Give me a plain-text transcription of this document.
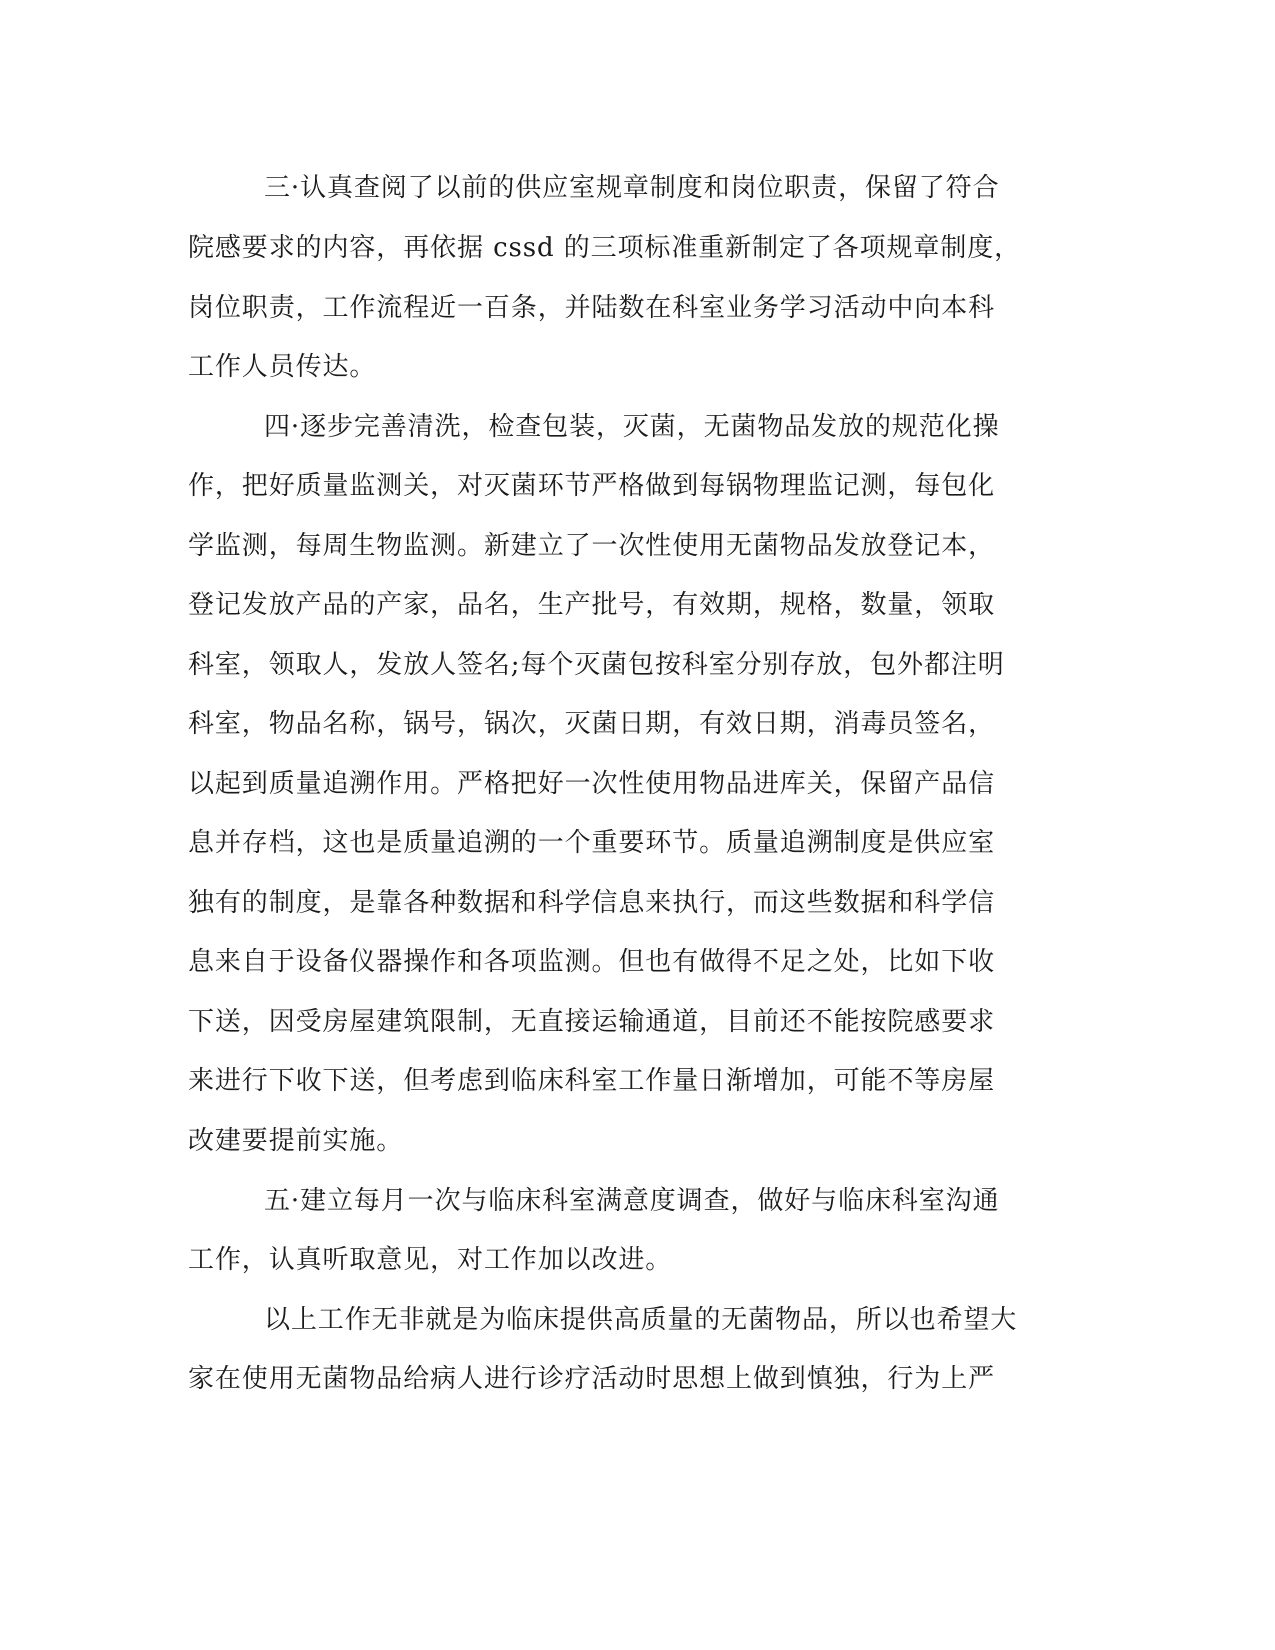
三·认真查阅了以前的供应室规章制度和岗位职责，保留了符合
院感要求的内容，再依据 cssd 的三项标准重新制定了各项规章制度，
岗位职责，工作流程近一百条，并陆数在科室业务学习活动中向本科
工作人员传达。
四·逐步完善清洗，检查包装，灭菌，无菌物品发放的规范化操
作，把好质量监测关，对灭菌环节严格做到每锅物理监记测，每包化
学监测，每周生物监测。新建立了一次性使用无菌物品发放登记本，
登记发放产品的产家，品名，生产批号，有效期，规格，数量，领取
科室，领取人，发放人签名;每个灭菌包按科室分别存放，包外都注明
科室，物品名称，锅号，锅次，灭菌日期，有效日期，消毒员签名，
以起到质量追溯作用。严格把好一次性使用物品进库关，保留产品信
息并存档，这也是质量追溯的一个重要环节。质量追溯制度是供应室
独有的制度，是靠各种数据和科学信息来执行，而这些数据和科学信
息来自于设备仪器操作和各项监测。但也有做得不足之处，比如下收
下送，因受房屋建筑限制，无直接运输通道，目前还不能按院感要求
来进行下收下送，但考虑到临床科室工作量日渐增加，可能不等房屋
改建要提前实施。
五·建立每月一次与临床科室满意度调查，做好与临床科室沟通
工作，认真听取意见，对工作加以改进。
以上工作无非就是为临床提供高质量的无菌物品，所以也希望大
家在使用无菌物品给病人进行诊疗活动时思想上做到慎独，行为上严
